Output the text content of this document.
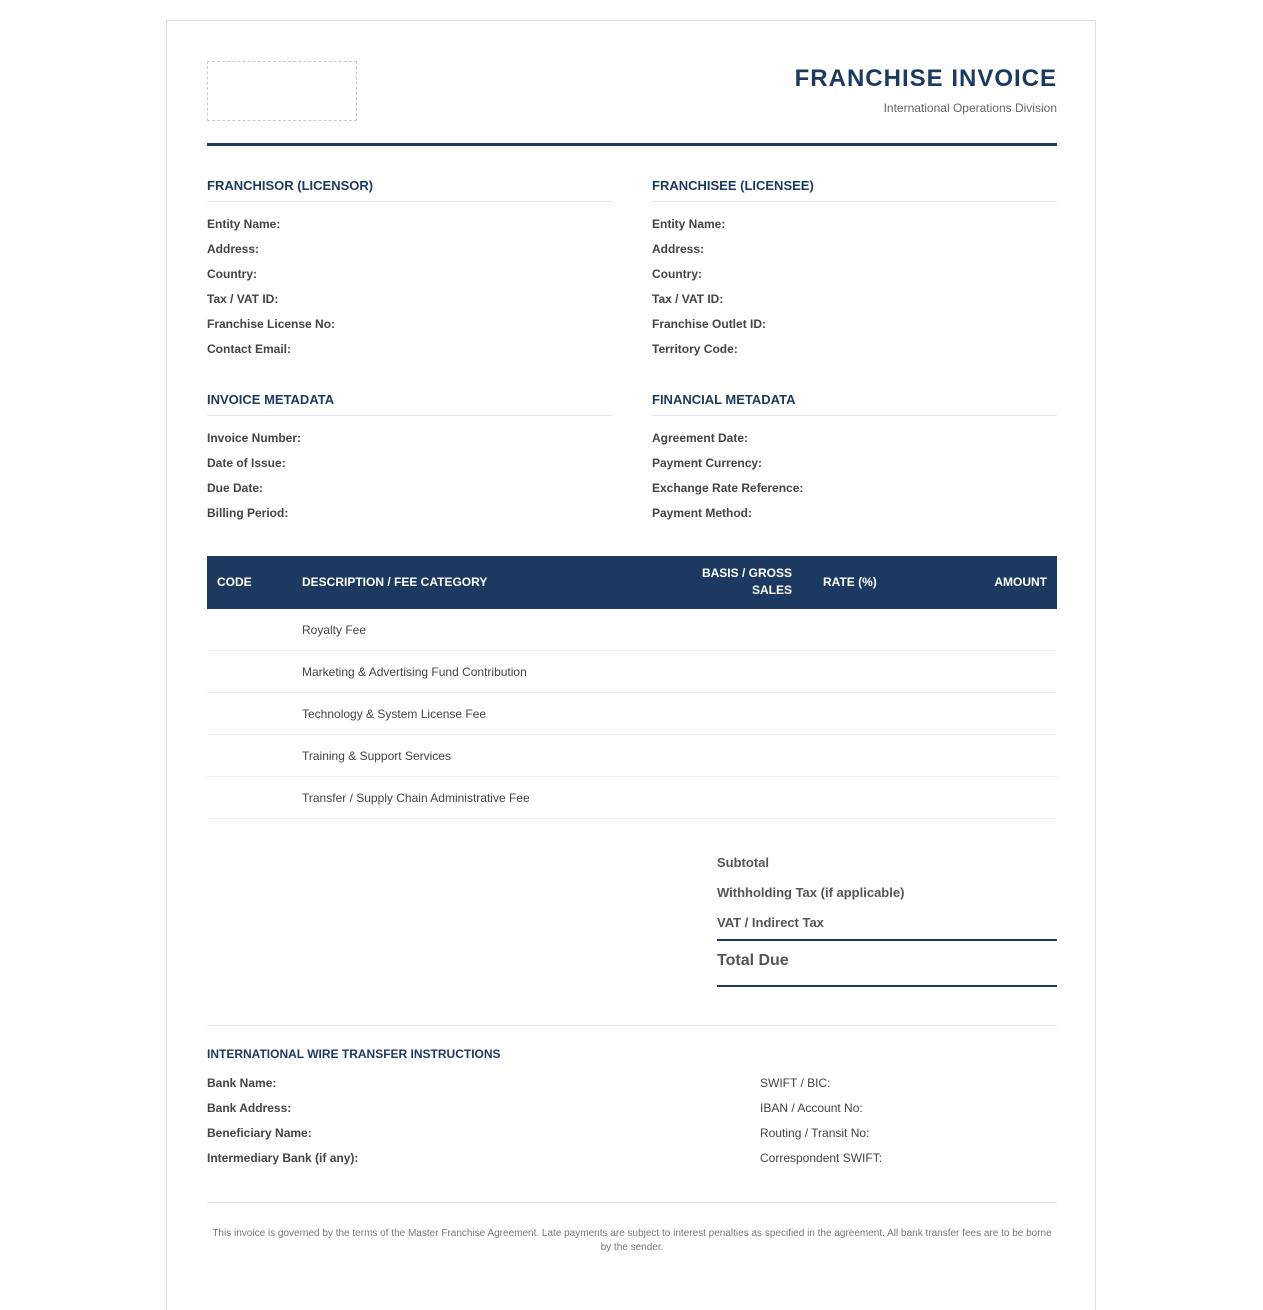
FRANCHISE INVOICE
International Operations Division
FRANCHISOR (LICENSOR)
Entity Name:
Address:
Country:
Tax / VAT ID:
Franchise License No:
Contact Email:
FRANCHISEE (LICENSEE)
Entity Name:
Address:
Country:
Tax / VAT ID:
Franchise Outlet ID:
Territory Code:
INVOICE METADATA
Invoice Number:
Date of Issue:
Due Date:
Billing Period:
FINANCIAL METADATA
Agreement Date:
Payment Currency:
Exchange Rate Reference:
Payment Method:
CODE	DESCRIPTION / FEE CATEGORY
BASIS / GROSS
SALES
RATE (%)	AMOUNT
Royalty Fee
Marketing & Advertising Fund Contribution
Technology & System License Fee
Training & Support Services
Transfer / Supply Chain Administrative Fee
Subtotal
Withholding Tax (if applicable)
VAT / Indirect Tax
Total Due
INTERNATIONAL WIRE TRANSFER INSTRUCTIONS
Bank Name:
Bank Address:
Beneficiary Name:
Intermediary Bank (if any):
SWIFT / BIC:
IBAN / Account No:
Routing / Transit No:
Correspondent SWIFT:
This invoice is governed by the terms of the Master Franchise Agreement. Late payments are subject to interest penalties as specified in the agreement. All bank transfer fees are to be borne by the sender.
